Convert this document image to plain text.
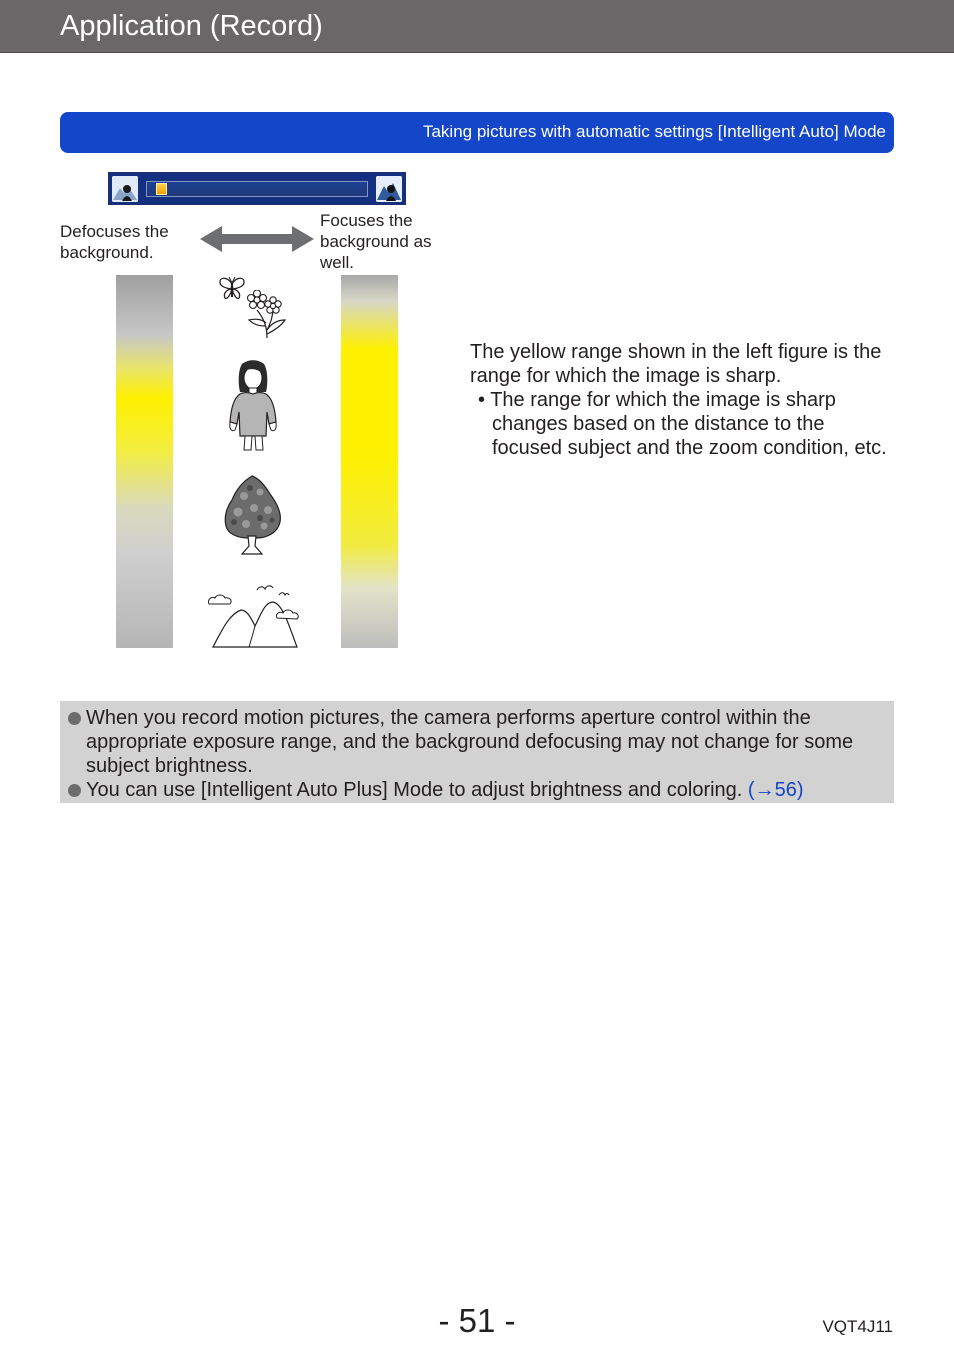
Application (Record)
Taking pictures with automatic settings [Intelligent Auto] Mode
Defocuses the background.
Focuses the background as well.
The yellow range shown in the left figure is the range for which the image is sharp.
• The range for which the image is sharp changes based on the distance to the focused subject and the zoom condition, etc.
When you record motion pictures, the camera performs aperture control within the appropriate exposure range, and the background defocusing may not change for some subject brightness.
You can use [Intelligent Auto Plus] Mode to adjust brightness and coloring. (→56)
- 51 -	VQT4J11
